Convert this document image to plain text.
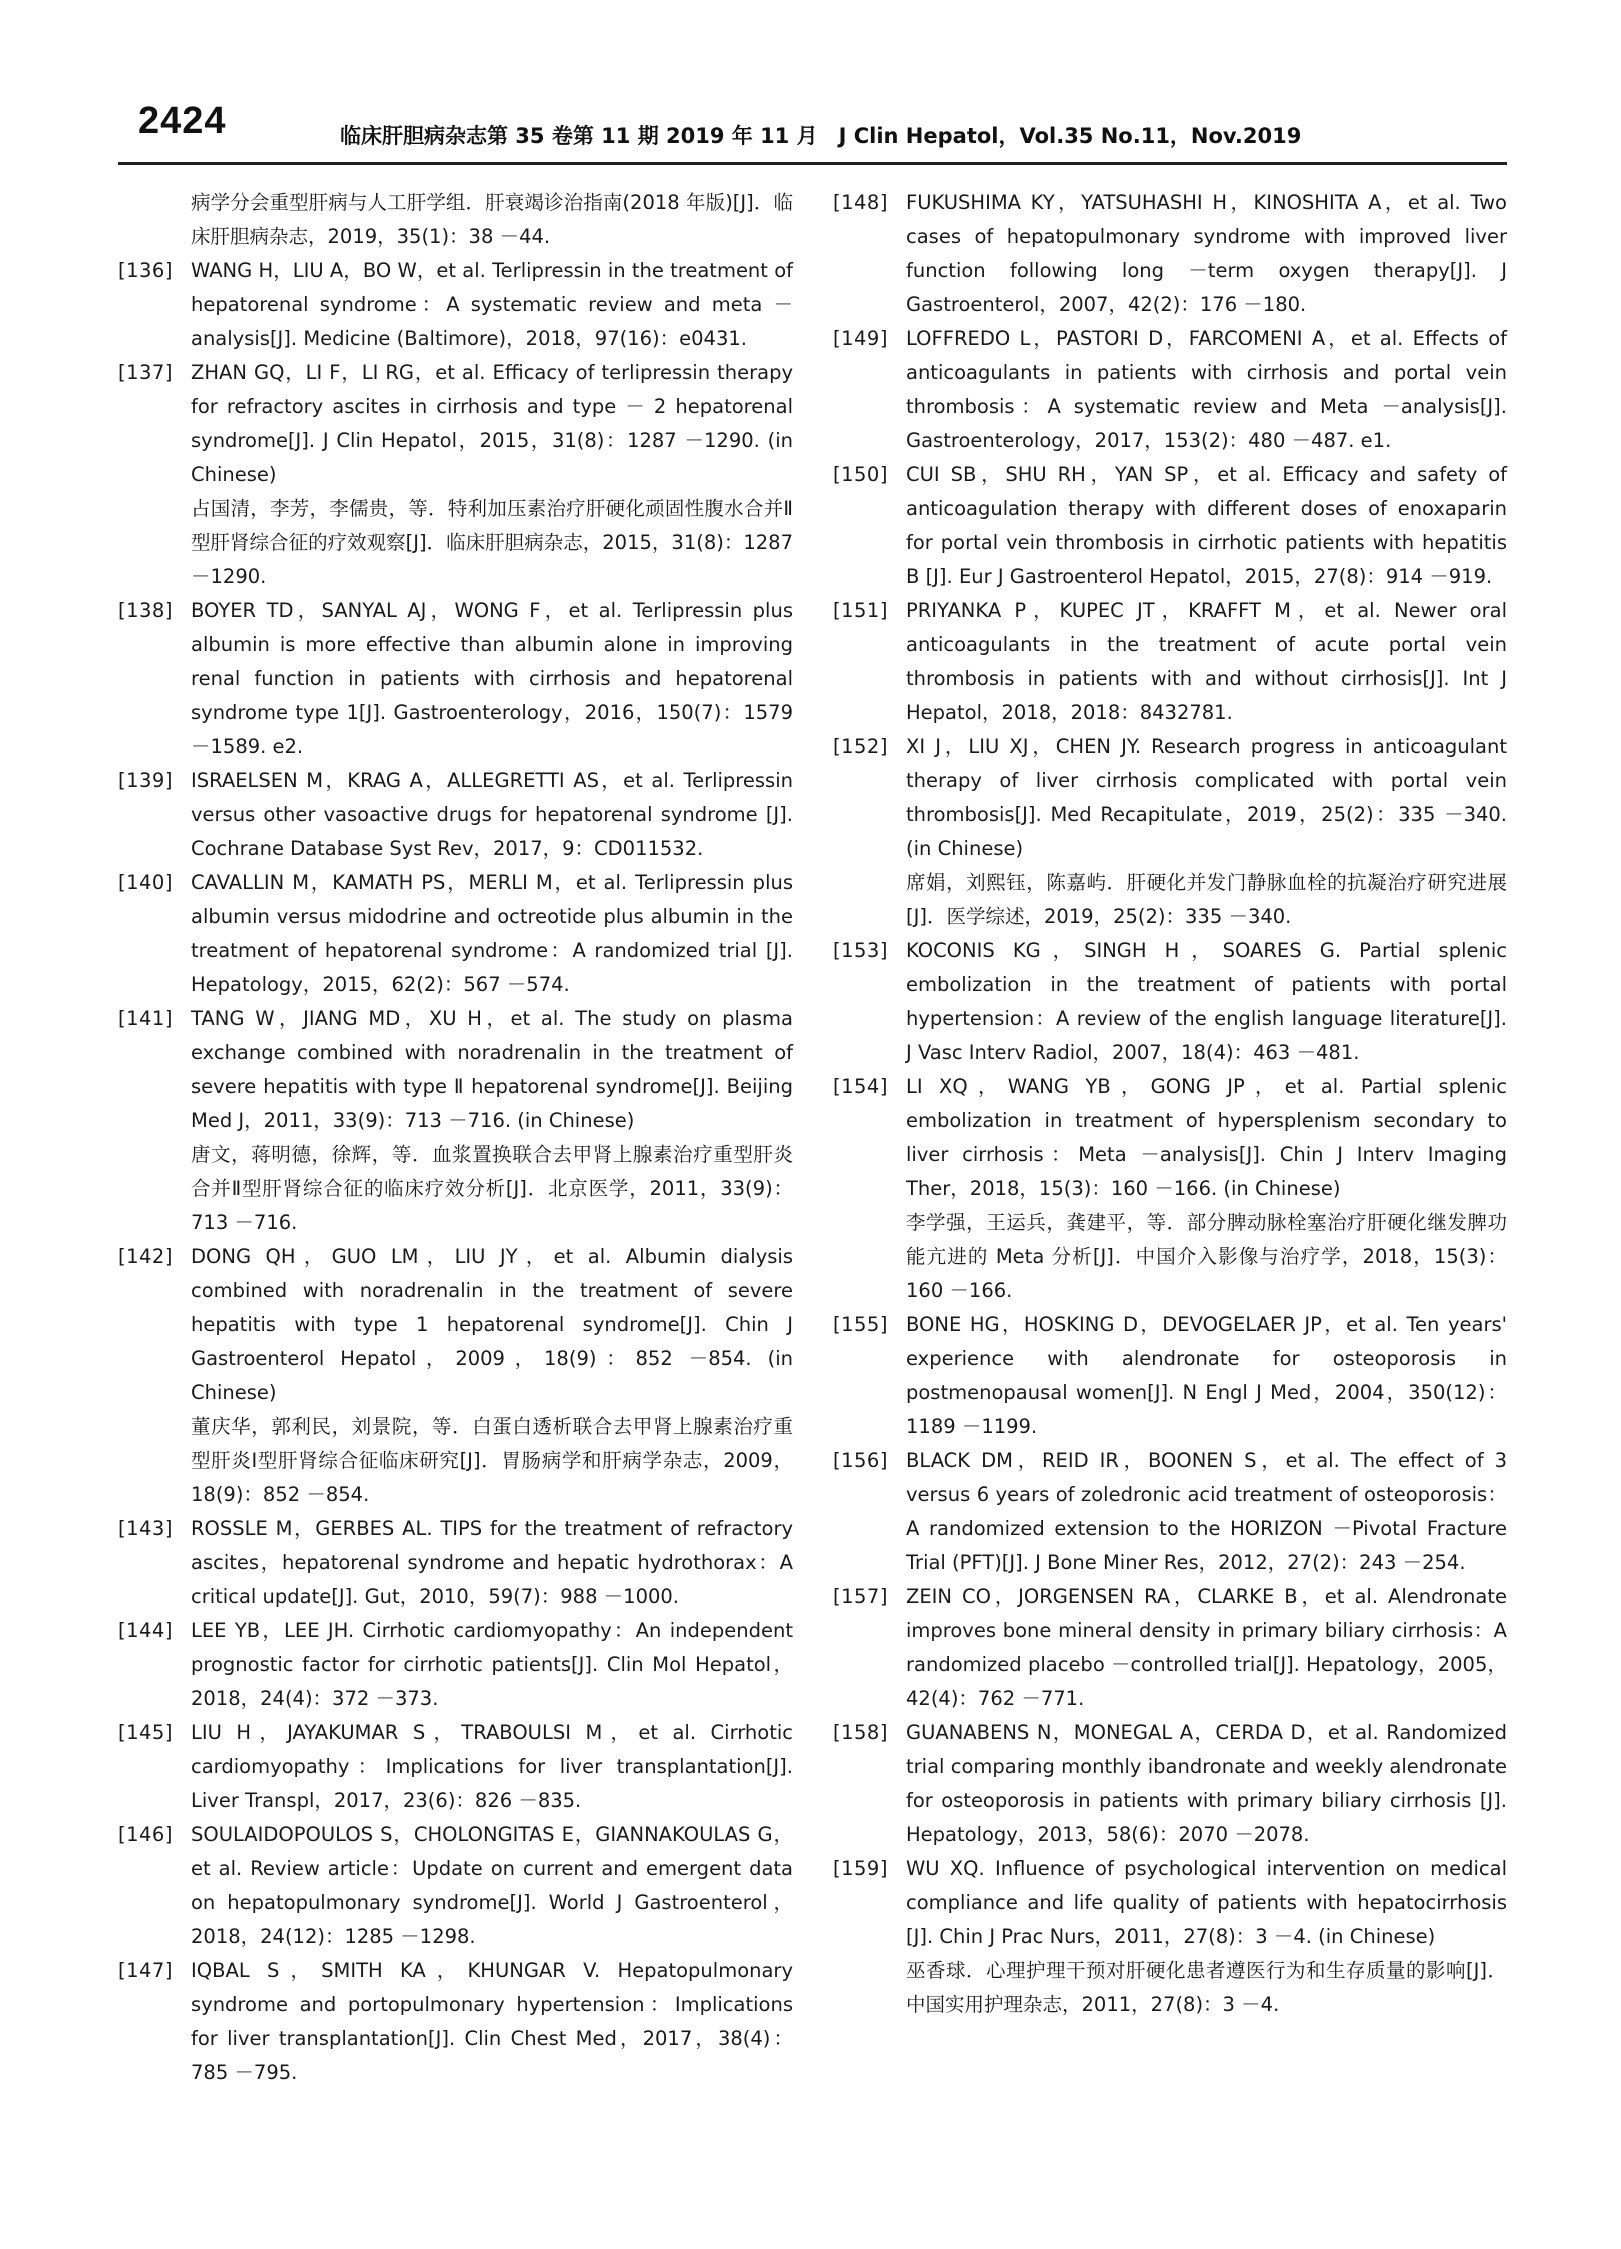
2424	临床肝胆病杂志第 35 卷第 11 期 2019 年 11 月　J Clin Hepatol，Vol.35 No.11，Nov.2019
病学分会重型肝病与人工肝学组．肝衰竭诊治指南(2018 年版)[J]．临床肝胆病杂志，2019，35(1)：38 －44.
[136] WANG H，LIU A，BO W，et al. Terlipressin in the treatment of hepatorenal syndrome：A systematic review and meta －analysis[J]. Medicine (Baltimore)，2018，97(16)：e0431.
[137] ZHAN GQ，LI F，LI RG，et al. Efficacy of terlipressin therapy for refractory ascites in cirrhosis and type － 2 hepatorenal syndrome[J]. J Clin Hepatol，2015，31(8)：1287 －1290. (in Chinese)
占国清，李芳，李儒贵，等．特利加压素治疗肝硬化顽固性腹水合并Ⅱ型肝肾综合征的疗效观察[J]．临床肝胆病杂志，2015，31(8)：1287 －1290.
[138] BOYER TD，SANYAL AJ，WONG F，et al. Terlipressin plus albumin is more effective than albumin alone in improving renal function in patients with cirrhosis and hepatorenal syndrome type 1[J]. Gastroenterology，2016，150(7)：1579 －1589. e2.
[139] ISRAELSEN M，KRAG A，ALLEGRETTI AS，et al. Terlipressin versus other vasoactive drugs for hepatorenal syndrome [J]. Cochrane Database Syst Rev，2017，9：CD011532.
[140] CAVALLIN M，KAMATH PS，MERLI M，et al. Terlipressin plus albumin versus midodrine and octreotide plus albumin in the treatment of hepatorenal syndrome：A randomized trial [J]. Hepatology，2015，62(2)：567 －574.
[141] TANG W，JIANG MD，XU H，et al. The study on plasma exchange combined with noradrenalin in the treatment of severe hepatitis with type Ⅱ hepatorenal syndrome[J]. Beijing Med J，2011，33(9)：713 －716. (in Chinese)
唐文，蒋明德，徐辉，等．血浆置换联合去甲肾上腺素治疗重型肝炎合并Ⅱ型肝肾综合征的临床疗效分析[J]．北京医学，2011，33(9)：713 －716.
[142] DONG QH，GUO LM，LIU JY，et al. Albumin dialysis combined with noradrenalin in the treatment of severe hepatitis with type 1 hepatorenal syndrome[J]. Chin J Gastroenterol Hepatol，2009，18(9)：852 －854. (in Chinese)
董庆华，郭利民，刘景院，等．白蛋白透析联合去甲肾上腺素治疗重型肝炎Ⅰ型肝肾综合征临床研究[J]．胃肠病学和肝病学杂志，2009，18(9)：852 －854.
[143] ROSSLE M，GERBES AL. TIPS for the treatment of refractory ascites，hepatorenal syndrome and hepatic hydrothorax：A critical update[J]. Gut，2010，59(7)：988 －1000.
[144] LEE YB，LEE JH. Cirrhotic cardiomyopathy：An independent prognostic factor for cirrhotic patients[J]. Clin Mol Hepatol，2018，24(4)：372 －373.
[145] LIU H，JAYAKUMAR S，TRABOULSI M，et al. Cirrhotic cardiomyopathy：Implications for liver transplantation[J]. Liver Transpl，2017，23(6)：826 －835.
[146] SOULAIDOPOULOS S，CHOLONGITAS E，GIANNAKOULAS G，et al. Review article：Update on current and emergent data on hepatopulmonary syndrome[J]. World J Gastroenterol，2018，24(12)：1285 －1298.
[147] IQBAL S，SMITH KA，KHUNGAR V. Hepatopulmonary syndrome and portopulmonary hypertension：Implications for liver transplantation[J]. Clin Chest Med，2017，38(4)：785 －795.
[148] FUKUSHIMA KY，YATSUHASHI H，KINOSHITA A，et al. Two cases of hepatopulmonary syndrome with improved liver function following long －term oxygen therapy[J]. J Gastroenterol，2007，42(2)：176 －180.
[149] LOFFREDO L，PASTORI D，FARCOMENI A，et al. Effects of anticoagulants in patients with cirrhosis and portal vein thrombosis：A systematic review and Meta －analysis[J]. Gastroenterology，2017，153(2)：480 －487. e1.
[150] CUI SB，SHU RH，YAN SP，et al. Efficacy and safety of anticoagulation therapy with different doses of enoxaparin for portal vein thrombosis in cirrhotic patients with hepatitis B [J]. Eur J Gastroenterol Hepatol，2015，27(8)：914 －919.
[151] PRIYANKA P，KUPEC JT，KRAFFT M，et al. Newer oral anticoagulants in the treatment of acute portal vein thrombosis in patients with and without cirrhosis[J]. Int J Hepatol，2018，2018：8432781.
[152] XI J，LIU XJ，CHEN JY. Research progress in anticoagulant therapy of liver cirrhosis complicated with portal vein thrombosis[J]. Med Recapitulate，2019，25(2)：335 －340. (in Chinese)
席娟，刘熙钰，陈嘉屿．肝硬化并发门静脉血栓的抗凝治疗研究进展[J]．医学综述，2019，25(2)：335 －340.
[153] KOCONIS KG，SINGH H，SOARES G. Partial splenic embolization in the treatment of patients with portal hypertension：A review of the english language literature[J]. J Vasc Interv Radiol，2007，18(4)：463 －481.
[154] LI XQ，WANG YB，GONG JP，et al. Partial splenic embolization in treatment of hypersplenism secondary to liver cirrhosis：Meta －analysis[J]. Chin J Interv Imaging Ther，2018，15(3)：160 －166. (in Chinese)
李学强，王运兵，龚建平，等．部分脾动脉栓塞治疗肝硬化继发脾功能亢进的 Meta 分析[J]．中国介入影像与治疗学，2018，15(3)：160 －166.
[155] BONE HG，HOSKING D，DEVOGELAER JP，et al. Ten years' experience with alendronate for osteoporosis in postmenopausal women[J]. N Engl J Med，2004，350(12)：1189 －1199.
[156] BLACK DM，REID IR，BOONEN S，et al. The effect of 3 versus 6 years of zoledronic acid treatment of osteoporosis：A randomized extension to the HORIZON －Pivotal Fracture Trial (PFT)[J]. J Bone Miner Res，2012，27(2)：243 －254.
[157] ZEIN CO，JORGENSEN RA，CLARKE B，et al. Alendronate improves bone mineral density in primary biliary cirrhosis：A randomized placebo －controlled trial[J]. Hepatology，2005，42(4)：762 －771.
[158] GUANABENS N，MONEGAL A，CERDA D，et al. Randomized trial comparing monthly ibandronate and weekly alendronate for osteoporosis in patients with primary biliary cirrhosis [J]. Hepatology，2013，58(6)：2070 －2078.
[159] WU XQ. Influence of psychological intervention on medical compliance and life quality of patients with hepatocirrhosis [J]. Chin J Prac Nurs，2011，27(8)：3 －4. (in Chinese)
巫香球．心理护理干预对肝硬化患者遵医行为和生存质量的影响[J]．中国实用护理杂志，2011，27(8)：3 －4.
